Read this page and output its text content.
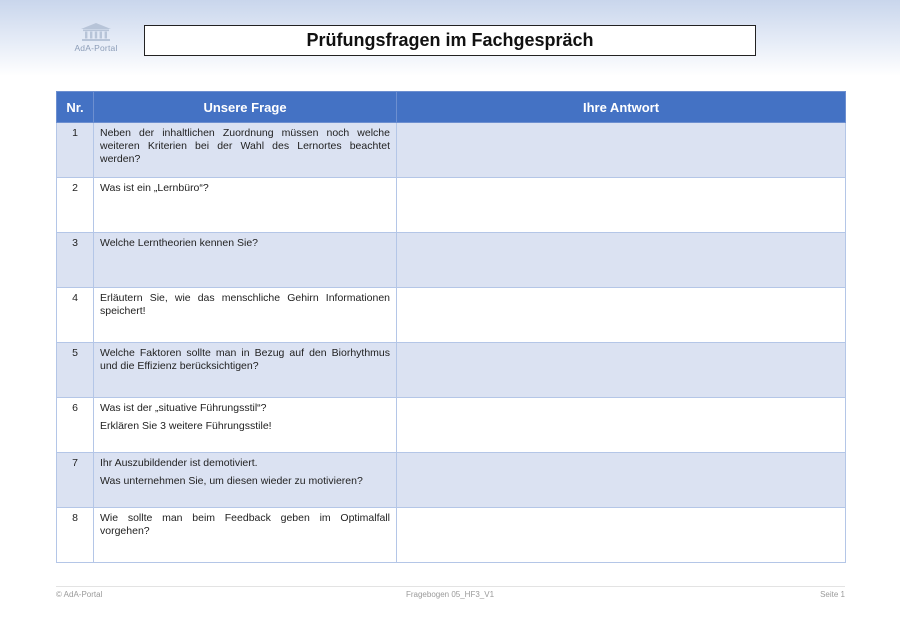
AdA-Portal	Prüfungsfragen im Fachgespräch
Nr.	Unsere Frage	Ihre Antwort
1	Neben der inhaltlichen Zuordnung müssen noch welche weiteren Kriterien bei der Wahl des Lernortes beachtet werden?	

2	Was ist ein „Lernbüro“?	

3	Welche Lerntheorien kennen Sie?	

4	Erläutern Sie, wie das menschliche Gehirn Informationen speichert!	

5	Welche Faktoren sollte man in Bezug auf den Biorhythmus und die Effizienz berücksichtigen?	

6	Was ist der „situative Führungsstil“?
Erklären Sie 3 weitere Führungsstile!	

7	Ihr Auszubildender ist demotiviert.
Was unternehmen Sie, um diesen wieder zu motivieren?	

8	Wie sollte man beim Feedback geben im Optimalfall vorgehen?	

© AdA-Portal	Fragebogen 05_HF3_V1	Seite 1
